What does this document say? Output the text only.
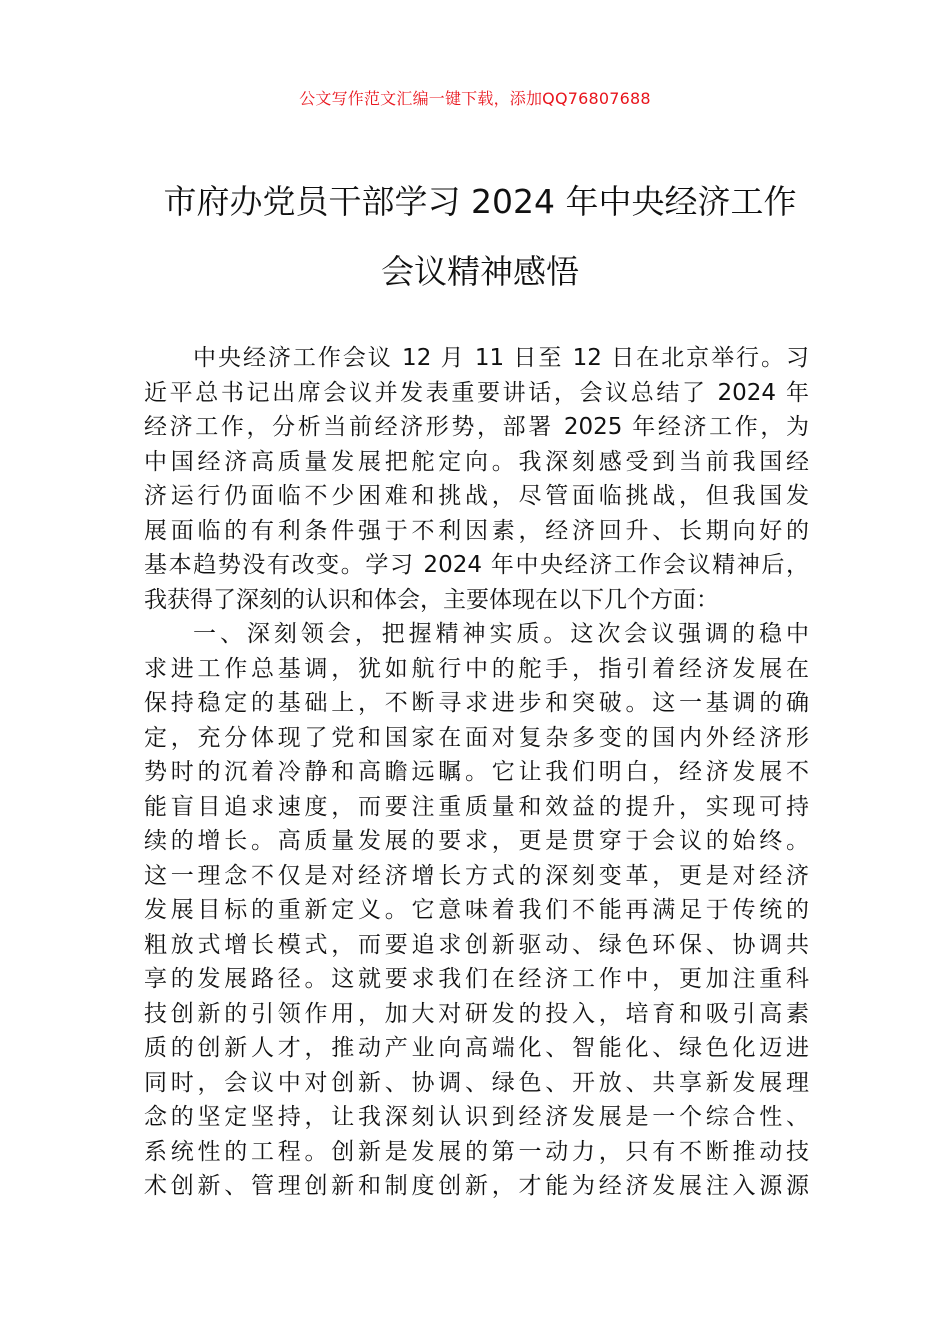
公文写作范文汇编一键下载，添加QQ76807688
市府办党员干部学习 2024 年中央经济工作
会议精神感悟
中央经济工作会议 12 月 11 日至 12 日在北京举行。习
近平总书记出席会议并发表重要讲话，会议总结了 2024 年
经济工作，分析当前经济形势，部署 2025 年经济工作，为
中国经济高质量发展把舵定向。我深刻感受到当前我国经
济运行仍面临不少困难和挑战，尽管面临挑战，但我国发
展面临的有利条件强于不利因素，经济回升、长期向好的
基本趋势没有改变。学习 2024 年中央经济工作会议精神后，
我获得了深刻的认识和体会，主要体现在以下几个方面：
一、深刻领会，把握精神实质。这次会议强调的稳中
求进工作总基调，犹如航行中的舵手，指引着经济发展在
保持稳定的基础上，不断寻求进步和突破。这一基调的确
定，充分体现了党和国家在面对复杂多变的国内外经济形
势时的沉着冷静和高瞻远瞩。它让我们明白，经济发展不
能盲目追求速度，而要注重质量和效益的提升，实现可持
续的增长。高质量发展的要求，更是贯穿于会议的始终。
这一理念不仅是对经济增长方式的深刻变革，更是对经济
发展目标的重新定义。它意味着我们不能再满足于传统的
粗放式增长模式，而要追求创新驱动、绿色环保、协调共
享的发展路径。这就要求我们在经济工作中，更加注重科
技创新的引领作用，加大对研发的投入，培育和吸引高素
质的创新人才，推动产业向高端化、智能化、绿色化迈进
同时，会议中对创新、协调、绿色、开放、共享新发展理
念的坚定坚持，让我深刻认识到经济发展是一个综合性、
系统性的工程。创新是发展的第一动力，只有不断推动技
术创新、管理创新和制度创新，才能为经济发展注入源源
